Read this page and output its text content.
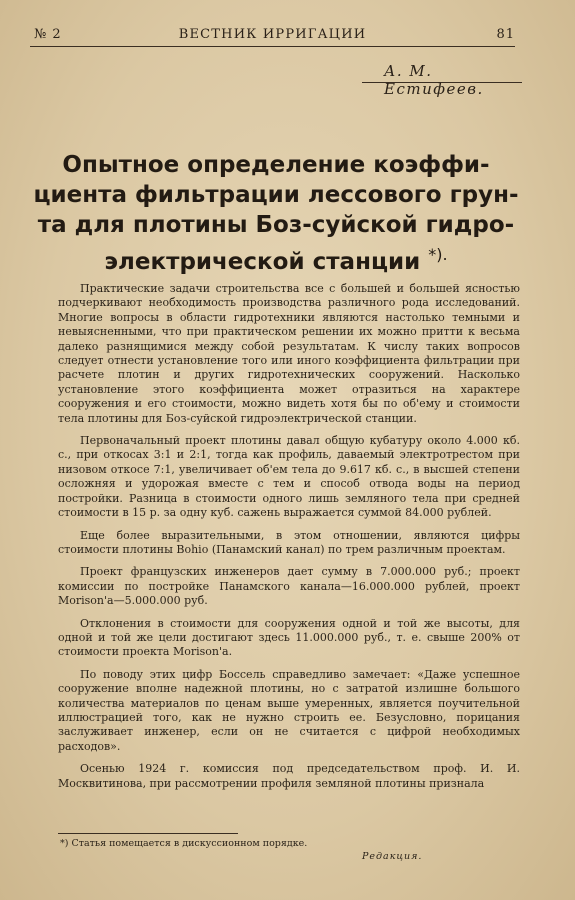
№ 2	ВЕСТНИК ИРРИГАЦИИ	81
А. М. Естифеев.
Опытное определение коэффи-
циента фильтрации лессового грун-
та для плотины Боз-суйской гидро-
электрической станции *).

Практические задачи строительства все с большей и большей ясностью подчеркивают необходимость производства различного рода исследований. Многие вопросы в области гидротехники являются настолько темными и невыясненными, что при практическом решении их можно притти к весьма далеко разнящимися между собой результатам. К числу таких вопросов следует отнести установление того или иного коэффициента фильтрации при расчете плотин и других гидротехнических сооружений. Насколько установление этого коэффициента может отразиться на характере сооружения и его стоимости, можно видеть хотя бы по об'ему и стоимости тела плотины для Боз-суйской гидроэлектрической станции.

Первоначальный проект плотины давал общую кубатуру около 4.000 кб. с., при откосах 3:1 и 2:1, тогда как профиль, даваемый электротрестом при низовом откосе 7:1, увеличивает об'ем тела до 9.617 кб. с., в высшей степени осложняя и удорожая вместе с тем и способ отвода воды на период постройки. Разница в стоимости одного лишь земляного тела при средней стоимости в 15 р. за одну куб. сажень выражается суммой 84.000 рублей.

Еще более выразительными, в этом отношении, являются цифры стоимости плотины Bohio (Панамский канал) по трем различным проектам.

Проект французских инженеров дает сумму в 7.000.000 руб.; проект комиссии по постройке Панамского канала—16.000.000 рублей, проект Morison'a—5.000.000 руб.

Отклонения в стоимости для сооружения одной и той же высоты, для одной и той же цели достигают здесь 11.000.000 руб., т. е. свыше 200% от стоимости проекта Morison'a.

По поводу этих цифр Боссель справедливо замечает: «Даже успешное сооружение вполне надежной плотины, но с затратой излишне большого количества материалов по ценам выше умеренных, является поучительной иллюстрацией того, как не нужно строить ее. Безусловно, порицания заслуживает инженер, если он не считается с цифрой необходимых расходов».

Осенью 1924 г. комиссия под председательством проф. И. И. Москвитинова, при рассмотрении профиля земляной плотины признала

*) Статья помещается в дискуссионном порядке.
Редакция.
